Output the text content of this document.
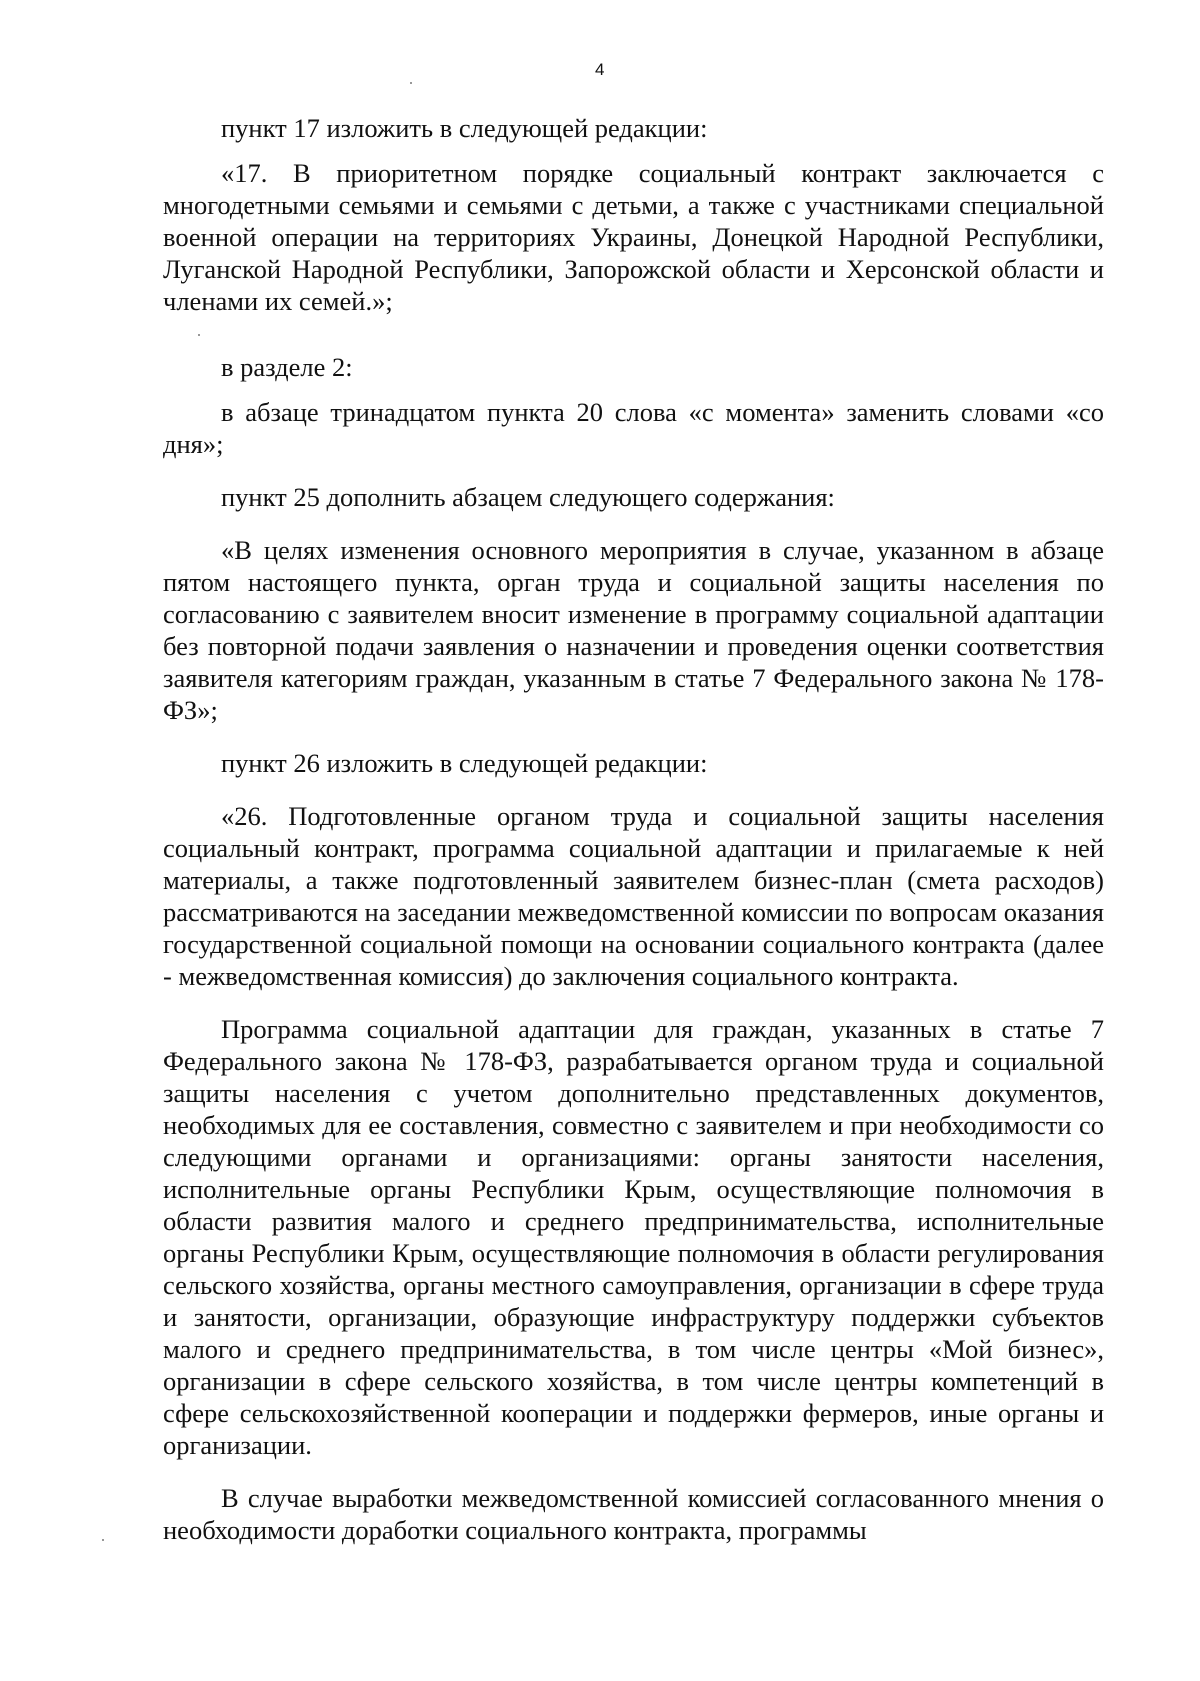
4

пункт 17 изложить в следующей редакции:

«17. В приоритетном порядке социальный контракт заключается с многодетными семьями и семьями с детьми, а также с участниками специальной военной операции на территориях Украины, Донецкой Народной Республики, Луганской Народной Республики, Запорожской области и Херсонской области и членами их семей.»;

в разделе 2:

в абзаце тринадцатом пункта 20 слова «с момента» заменить словами «со дня»;

пункт 25 дополнить абзацем следующего содержания:

«В целях изменения основного мероприятия в случае, указанном в абзаце пятом настоящего пункта, орган труда и социальной защиты населения по согласованию с заявителем вносит изменение в программу социальной адаптации без повторной подачи заявления о назначении и проведения оценки соответствия заявителя категориям граждан, указанным в статье 7 Федерального закона № 178-ФЗ»;

пункт 26 изложить в следующей редакции:

«26. Подготовленные органом труда и социальной защиты населения социальный контракт, программа социальной адаптации и прилагаемые к ней материалы, а также подготовленный заявителем бизнес-план (смета расходов) рассматриваются на заседании межведомственной комиссии по вопросам оказания государственной социальной помощи на основании социального контракта (далее - межведомственная комиссия) до заключения социального контракта.

Программа социальной адаптации для граждан, указанных в статье 7 Федерального закона № 178-ФЗ, разрабатывается органом труда и социальной защиты населения с учетом дополнительно представленных документов, необходимых для ее составления, совместно с заявителем и при необходимости со следующими органами и организациями: органы занятости населения, исполнительные органы Республики Крым, осуществляющие полномочия в области развития малого и среднего предпринимательства, исполнительные органы Республики Крым, осуществляющие полномочия в области регулирования сельского хозяйства, органы местного самоуправления, организации в сфере труда и занятости, организации, образующие инфраструктуру поддержки субъектов малого и среднего предпринимательства, в том числе центры «Мой бизнес», организации в сфере сельского хозяйства, в том числе центры компетенций в сфере сельскохозяйственной кооперации и поддержки фермеров, иные органы и организации.

В случае выработки межведомственной комиссией согласованного мнения о необходимости доработки социального контракта, программы
